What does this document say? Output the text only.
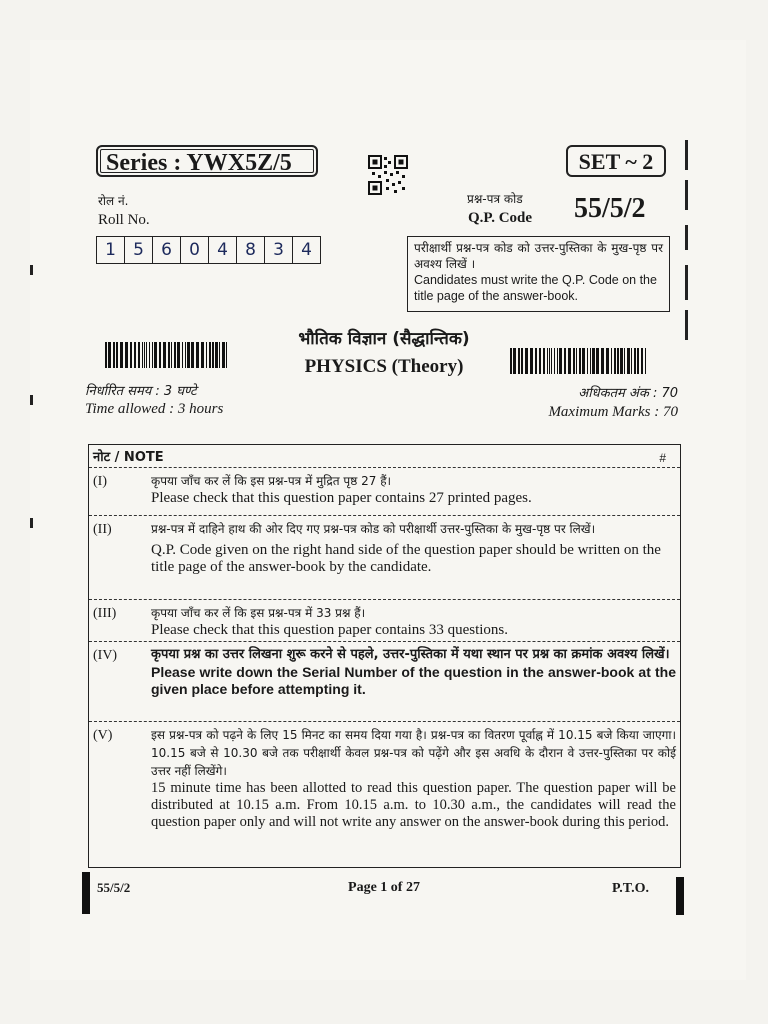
Series : YWX5Z/5	SET ~ 2
रोल नं.
Roll No.
1	5	6	0	4	8	3	4
प्रश्न-पत्र कोड
Q.P. Code 55/5/2
परीक्षार्थी प्रश्न-पत्र कोड को उत्तर-पुस्तिका के मुख-पृष्ठ पर अवश्य लिखें ।
Candidates must write the Q.P. Code on the title page of the answer-book.
भौतिक विज्ञान (सैद्धान्तिक)
PHYSICS (Theory)
निर्धारित समय : 3 घण्टे
Time allowed : 3 hours
अधिकतम अंक : 70
Maximum Marks : 70
नोट / NOTE	#
(I)	कृपया जाँच कर लें कि इस प्रश्न-पत्र में मुद्रित पृष्ठ 27 हैं।
Please check that this question paper contains 27 printed pages.
(II)	प्रश्न-पत्र में दाहिने हाथ की ओर दिए गए प्रश्न-पत्र कोड को परीक्षार्थी उत्तर-पुस्तिका के मुख-पृष्ठ पर लिखें।
Q.P. Code given on the right hand side of the question paper should be written on the title page of the answer-book by the candidate.
(III)	कृपया जाँच कर लें कि इस प्रश्न-पत्र में 33 प्रश्न हैं।
Please check that this question paper contains 33 questions.
(IV)	कृपया प्रश्न का उत्तर लिखना शुरू करने से पहले, उत्तर-पुस्तिका में यथा स्थान पर प्रश्न का क्रमांक अवश्य लिखें।
Please write down the Serial Number of the question in the answer-book at the given place before attempting it.
(V)	इस प्रश्न-पत्र को पढ़ने के लिए 15 मिनट का समय दिया गया है। प्रश्न-पत्र का वितरण पूर्वाह्न में 10.15 बजे किया जाएगा। 10.15 बजे से 10.30 बजे तक परीक्षार्थी केवल प्रश्न-पत्र को पढ़ेंगे और इस अवधि के दौरान वे उत्तर-पुस्तिका पर कोई उत्तर नहीं लिखेंगे।
15 minute time has been allotted to read this question paper. The question paper will be distributed at 10.15 a.m. From 10.15 a.m. to 10.30 a.m., the candidates will read the question paper only and will not write any answer on the answer-book during this period.
55/5/2	Page 1 of 27	P.T.O.
